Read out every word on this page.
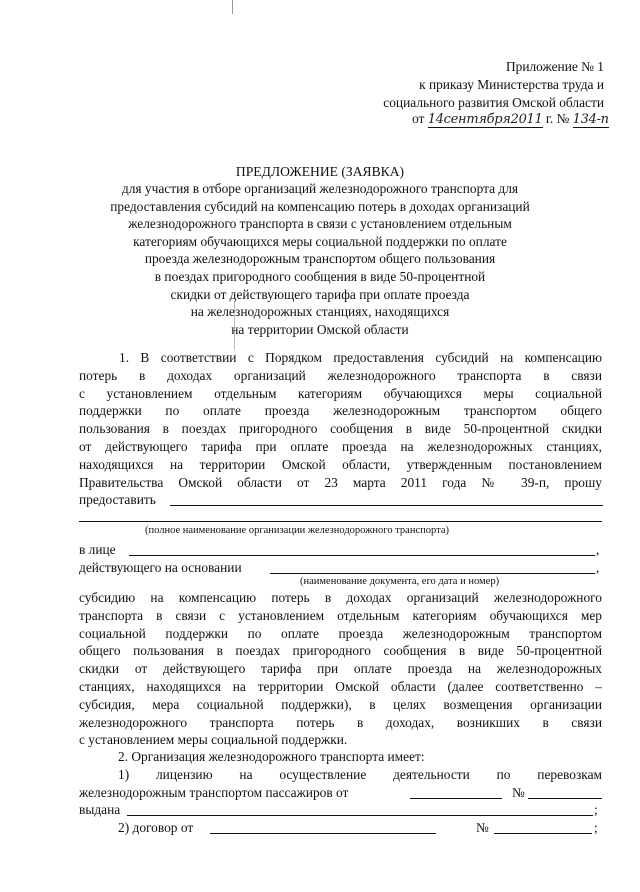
Приложение № 1
к приказу Министерства труда и
социального развития Омской области
от 14сентября2011 г. № 134-п
ПРЕДЛОЖЕНИЕ (ЗАЯВКА)
для участия в отборе организаций железнодорожного транспорта для
предоставления субсидий на компенсацию потерь в доходах организаций
железнодорожного транспорта в связи с установлением отдельным
категориям обучающихся меры социальной поддержки по оплате
проезда железнодорожным транспортом общего пользования
в поездах пригородного сообщения в виде 50-процентной
скидки от действующего тарифа при оплате проезда
на железнодорожных станциях, находящихся
на территории Омской области
1. В соответствии с Порядком предоставления субсидий на компенсацию
потерь в доходах организаций железнодорожного транспорта в связи
с установлением отдельным категориям обучающихся меры социальной
поддержки по оплате проезда железнодорожным транспортом общего
пользования в поездах пригородного сообщения в виде 50-процентной скидки
от действующего тарифа при оплате проезда на железнодорожных станциях,
находящихся на территории Омской области, утвержденным постановлением
Правительства Омской области от 23 марта 2011 года № 39-п, прошу
предоставить
(полное наименование организации железнодорожного транспорта)
в лице	,
действующего на основании	,
(наименование документа, его дата и номер)
субсидию на компенсацию потерь в доходах организаций железнодорожного
транспорта в связи с установлением отдельным категориям обучающихся мер
социальной поддержки по оплате проезда железнодорожным транспортом
общего пользования в поездах пригородного сообщения в виде 50-процентной
скидки от действующего тарифа при оплате проезда на железнодорожных
станциях, находящихся на территории Омской области (далее соответственно –
субсидия, мера социальной поддержки), в целях возмещения организации
железнодорожного транспорта потерь в доходах, возникших в связи
с установлением меры социальной поддержки.
2. Организация железнодорожного транспорта имеет:
1) лицензию на осуществление деятельности по перевозкам
железнодорожным транспортом пассажиров от	№
выдана	;
2) договор от	№	;
